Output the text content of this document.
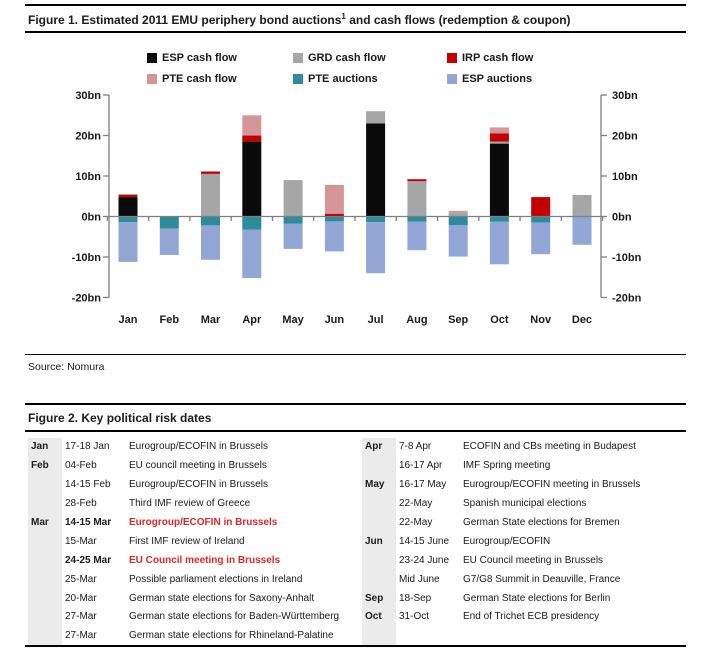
Figure 1. Estimated 2011 EMU periphery bond auctions$^1$ and cash flows (redemption & coupon)
ESP cash flow	GRD cash flow	IRP cash flow
PTE cash flow	PTE auctions	ESP auctions
30bn	30bn
20bn	20bn
10bn	10bn
0bn	0bn
-10bn	-10bn
-20bn	-20bn
Jan Feb Mar Apr May Jun Jul Aug Sep Oct Nov Dec
Source: Nomura
Figure 2. Key political risk dates
Jan	17-18 Jan	Eurogroup/ECOFIN in Brussels
Feb	04-Feb	EU council meeting in Brussels
14-15 Feb	Eurogroup/ECOFIN in Brussels
28-Feb	Third IMF review of Greece
Mar	14-15 Mar	Eurogroup/ECOFIN in Brussels
15-Mar	First IMF review of Ireland
24-25 Mar	EU Council meeting in Brussels
25-Mar	Possible parliament elections in Ireland
20-Mar	German state elections for Saxony-Anhalt
27-Mar	German state elections for Baden-Württemberg
27-Mar	German state elections for Rhineland-Palatine
Apr	7-8 Apr	ECOFIN and CBs meeting in Budapest
16-17 Apr	IMF Spring meeting
May	16-17 May	Eurogroup/ECOFIN meeting in Brussels
22-May	Spanish municipal elections
22-May	German State elections for Bremen
Jun	14-15 June	Eurogroup/ECOFIN
23-24 June	EU Council meeting in Brussels
Mid June	G7/G8 Summit in Deauville, France
Sep	18-Sep	German State elections for Berlin
Oct	31-Oct	End of Trichet ECB presidency
